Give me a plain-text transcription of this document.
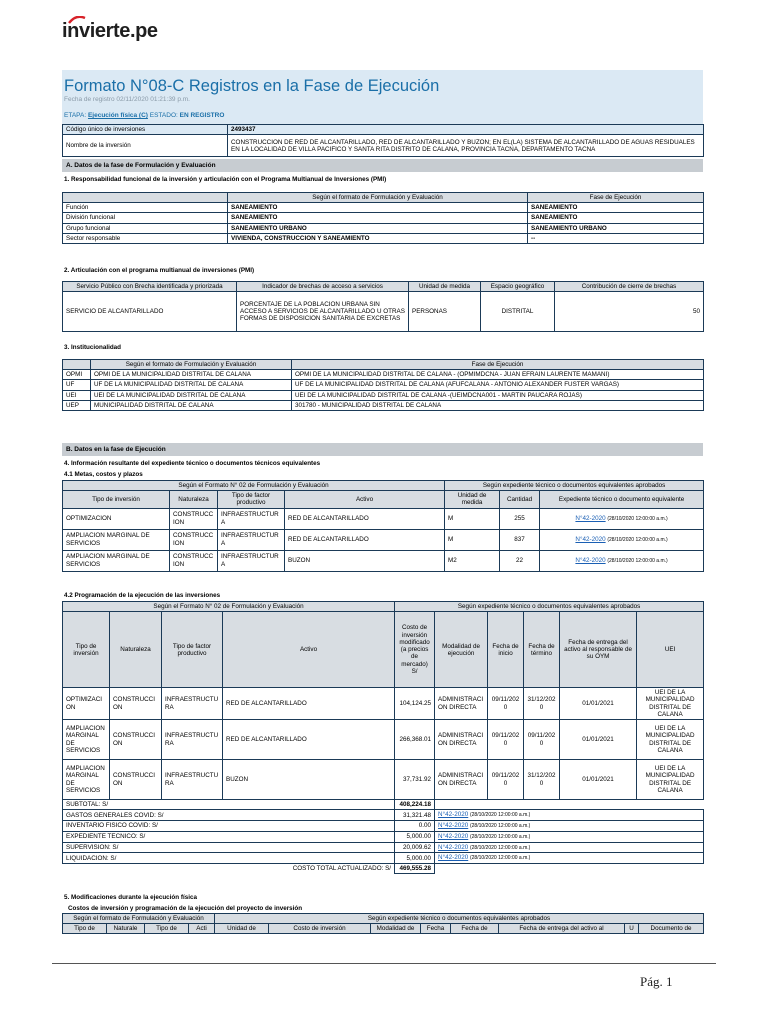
invierte.pe
Formato N°08-C Registros en la Fase de Ejecución
Fecha de registro 02/11/2020 01:21:39 p.m.
ETAPA: Ejecución física (C) ESTADO: EN REGISTRO
Código único de inversiones	2493437
Nombre de la inversión	CONSTRUCCION DE RED DE ALCANTARILLADO, RED DE ALCANTARILLADO Y BUZON; EN EL(LA) SISTEMA DE ALCANTARILLADO DE AGUAS RESIDUALES EN LA LOCALIDAD DE VILLA PACIFICO Y SANTA RITA DISTRITO DE CALANA, PROVINCIA TACNA, DEPARTAMENTO TACNA
A. Datos de la fase de Formulación y Evaluación
1. Responsabilidad funcional de la inversión y articulación con el Programa Multianual de Inversiones (PMI)
	Según el formato de Formulación y Evaluación	Fase de Ejecución
Función	SANEAMIENTO	SANEAMIENTO
División funcional	SANEAMIENTO	SANEAMIENTO
Grupo funcional	SANEAMIENTO URBANO	SANEAMIENTO URBANO
Sector responsable	VIVIENDA, CONSTRUCCION Y SANEAMIENTO	--
2. Articulación con el programa multianual de inversiones (PMI)
Servicio Público con Brecha identificada y priorizada	Indicador de brechas de acceso a servicios	Unidad de medida	Espacio geográfico	Contribución de cierre de brechas
SERVICIO DE ALCANTARILLADO	PORCENTAJE DE LA POBLACION URBANA SIN ACCESO A SERVICIOS DE ALCANTARILLADO U OTRAS FORMAS DE DISPOSICION SANITARIA DE EXCRETAS	PERSONAS	DISTRITAL	50
3. Institucionalidad
	Según el formato de Formulación y Evaluación	Fase de Ejecución
OPMI	OPMI DE LA MUNICIPALIDAD DISTRITAL DE CALANA	OPMI DE LA MUNICIPALIDAD DISTRITAL DE CALANA - (OPMIMDCNA - JUAN EFRAIN LAURENTE MAMANI)
UF	UF DE LA MUNICIPALIDAD DISTRITAL DE CALANA	UF DE LA MUNICIPALIDAD DISTRITAL DE CALANA (AFUFCALANA - ANTONIO ALEXANDER FUSTER VARGAS)
UEI	UEI DE LA MUNICIPALIDAD DISTRITAL DE CALANA	UEI DE LA MUNICIPALIDAD DISTRITAL DE CALANA -(UEIMDCNA001 - MARTIN PAUCARA ROJAS)
UEP	MUNICIPALIDAD DISTRITAL DE CALANA	301780 - MUNICIPALIDAD DISTRITAL DE CALANA
B. Datos en la fase de Ejecución
4. Información resultante del expediente técnico o documentos técnicos equivalentes
4.1 Metas, costos y plazos
Según el Formato N° 02 de Formulación y Evaluación				Según expediente técnico o documentos equivalentes aprobados		
Tipo de inversión	Naturaleza	Tipo de factor productivo	Activo	Unidad de medida	Cantidad	Expediente técnico o documento equivalente
OPTIMIZACION	CONSTRUCCION	INFRAESTRUCTURA	RED DE ALCANTARILLADO	M	255	N°42-2020 (28/10/2020 12:00:00 a.m.)
AMPLIACION MARGINAL DE SERVICIOS	CONSTRUCCION	INFRAESTRUCTURA	RED DE ALCANTARILLADO	M	837	N°42-2020 (28/10/2020 12:00:00 a.m.)
AMPLIACION MARGINAL DE SERVICIOS	CONSTRUCCION	INFRAESTRUCTURA	BUZON	M2	22	N°42-2020 (28/10/2020 12:00:00 a.m.)
4.2 Programación de la ejecución de las inversiones
Según el Formato N° 02 de Formulación y Evaluación				Según expediente técnico o documentos equivalentes aprobados					
Tipo de inversión	Naturaleza	Tipo de factor productivo	Activo	Costo de inversión modificado (a precios de mercado) S/	Modalidad de ejecución	Fecha de inicio	Fecha de término	Fecha de entrega del activo al responsable de su OYM	UEI
OPTIMIZACION	CONSTRUCCION	INFRAESTRUCTURA	RED DE ALCANTARILLADO	104,124.25	ADMINISTRACION DIRECTA	09/11/2020	31/12/2020	01/01/2021	UEI DE LA MUNICIPALIDAD DISTRITAL DE CALANA
AMPLIACION MARGINAL DE SERVICIOS	CONSTRUCCION	INFRAESTRUCTURA	RED DE ALCANTARILLADO	266,368.01	ADMINISTRACION DIRECTA	09/11/2020	09/11/2020	01/01/2021	UEI DE LA MUNICIPALIDAD DISTRITAL DE CALANA
AMPLIACION MARGINAL DE SERVICIOS	CONSTRUCCION	INFRAESTRUCTURA	BUZON	37,731.92	ADMINISTRACION DIRECTA	09/11/2020	31/12/2020	01/01/2021	UEI DE LA MUNICIPALIDAD DISTRITAL DE CALANA
SUBTOTAL: S/				408,224.18					
GASTOS GENERALES COVID: S/				31,321.48	N°42-2020 (28/10/2020 12:00:00 a.m.)				
INVENTARIO FISICO COVID: S/				0.00	N°42-2020 (28/10/2020 12:00:00 a.m.)				
EXPEDIENTE TECNICO: S/				5,000.00	N°42-2020 (28/10/2020 12:00:00 a.m.)				
SUPERVISION: S/				20,009.62	N°42-2020 (28/10/2020 12:00:00 a.m.)				
LIQUIDACION: S/				5,000.00	N°42-2020 (28/10/2020 12:00:00 a.m.)				
COSTO TOTAL ACTUALIZADO: S/				469,555.28					
5. Modificaciones durante la ejecución física
Costos de inversión y programación de la ejecución del proyecto de inversión
Según el formato de Formulación y Evaluación				Según expediente técnico o documentos equivalentes aprobados							
Tipo de	Naturale	Tipo de	Acti	Unidad de	Costo de inversión	Modalidad de	Fecha	Fecha de	Fecha de entrega del activo al	U	Documento de
Pág. 1
